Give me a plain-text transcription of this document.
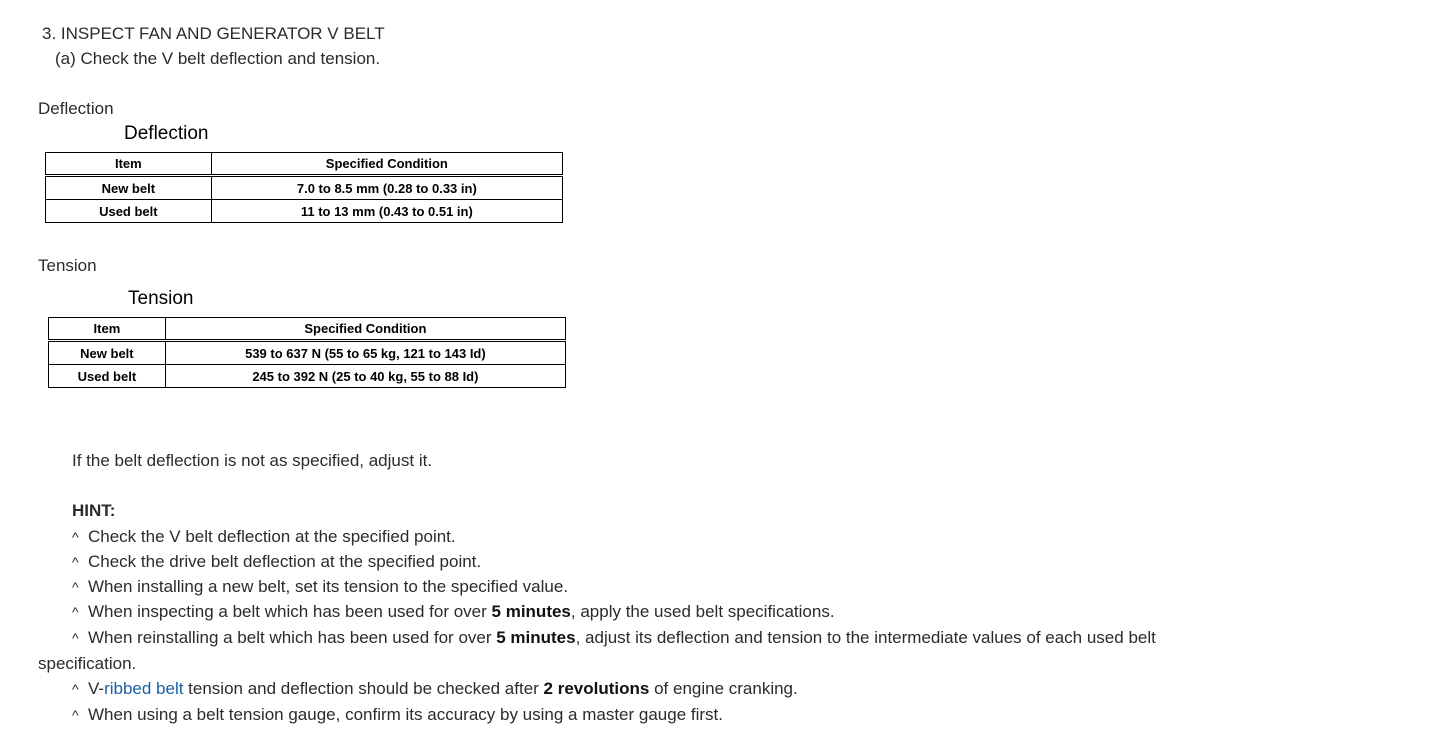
3. INSPECT FAN AND GENERATOR V BELT
(a) Check the V belt deflection and tension.
Deflection
Deflection
Item	Specified Condition
New belt	7.0 to 8.5 mm (0.28 to 0.33 in)
Used belt	11 to 13 mm (0.43 to 0.51 in)
Tension
Tension
Item	Specified Condition
New belt	539 to 637 N (55 to 65 kg, 121 to 143 Id)
Used belt	245 to 392 N (25 to 40 kg, 55 to 88 Id)
If the belt deflection is not as specified, adjust it.
HINT:
^ Check the V belt deflection at the specified point.
^ Check the drive belt deflection at the specified point.
^ When installing a new belt, set its tension to the specified value.
^ When inspecting a belt which has been used for over 5 minutes, apply the used belt specifications.
^ When reinstalling a belt which has been used for over 5 minutes, adjust its deflection and tension to the intermediate values of each used belt
specification.
^ V-ribbed belt tension and deflection should be checked after 2 revolutions of engine cranking.
^ When using a belt tension gauge, confirm its accuracy by using a master gauge first.
